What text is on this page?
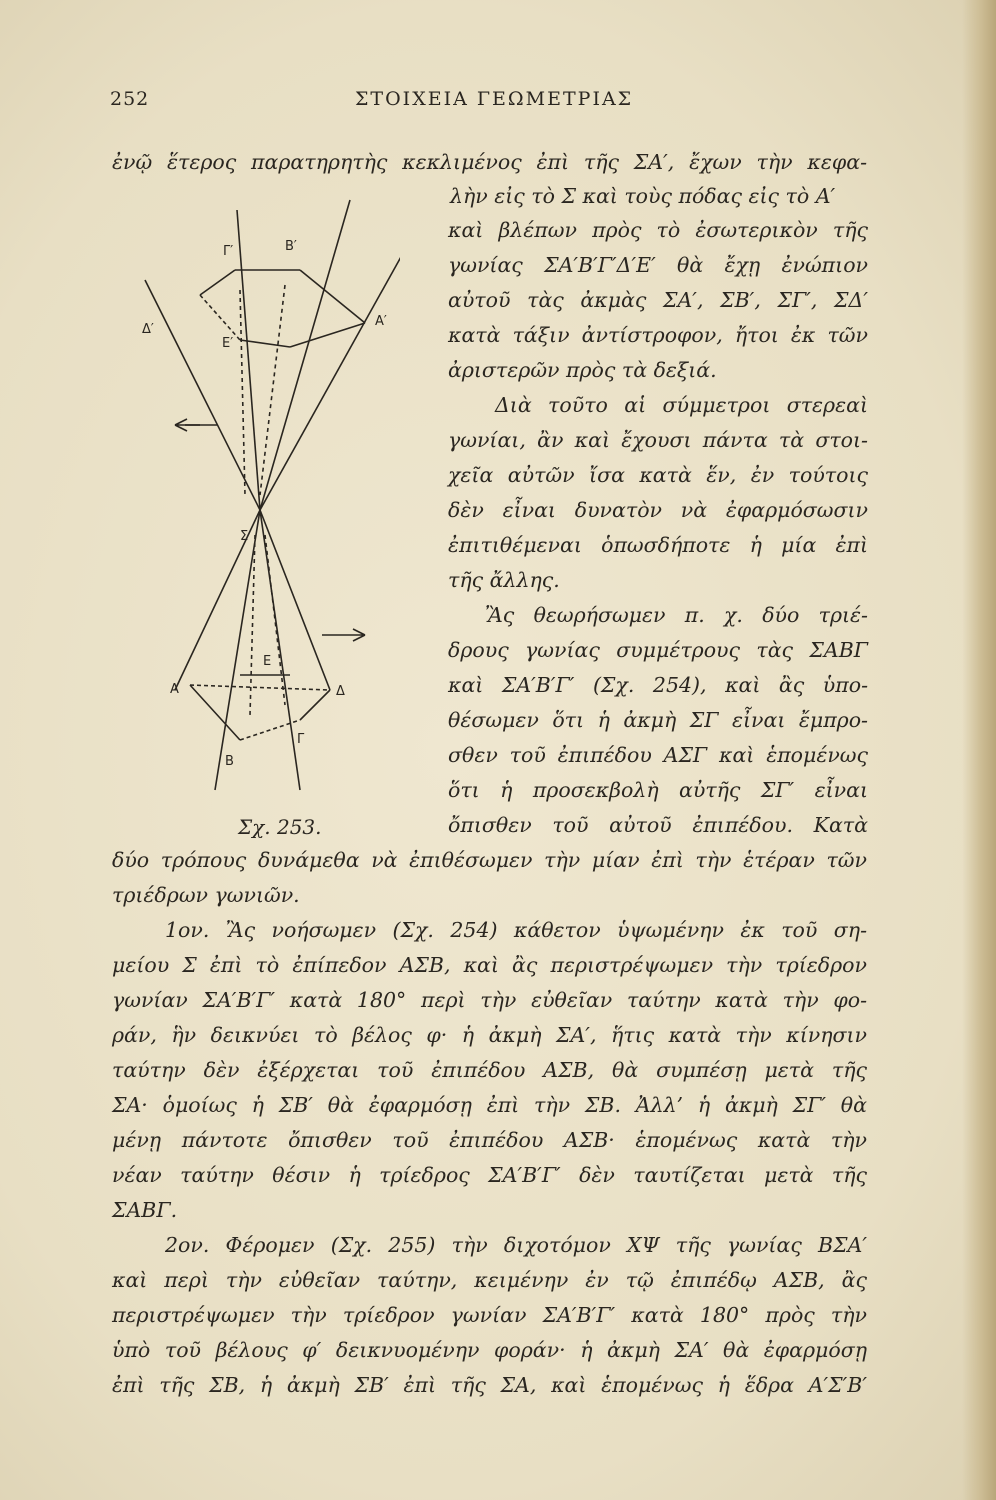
252	ΣΤΟΙΧΕΙΑ ΓΕΩΜΕΤΡΙΑΣ
Γ′	Β′
Δ′
Ε′
Α′
Σ
Ε
Α	Δ
Β
Γ
Σχ. 253.
ἐνῷ ἕτερος παρατηρητὴς κεκλιμένος ἐπὶ τῆς ΣΑ′, ἔχων τὴν κεφα-
λὴν εἰς τὸ Σ καὶ τοὺς πόδας εἰς τὸ Α′
καὶ βλέπων πρὸς τὸ ἐσωτερικὸν τῆς
γωνίας ΣΑ′Β′Γ′Δ′Ε′ θὰ ἔχῃ ἐνώπιον
αὐτοῦ τὰς ἀκμὰς ΣΑ′, ΣΒ′, ΣΓ′, ΣΔ′
κατὰ τάξιν ἀντίστροφον, ἤτοι ἐκ τῶν
ἀριστερῶν πρὸς τὰ δεξιά.
Διὰ τοῦτο αἱ σύμμετροι στερεαὶ
γωνίαι, ἂν καὶ ἔχουσι πάντα τὰ στοι-
χεῖα αὐτῶν ἴσα κατὰ ἕν, ἐν τούτοις
δὲν εἶναι δυνατὸν νὰ ἐφαρμόσωσιν
ἐπιτιθέμεναι ὁπωσδήποτε ἡ μία ἐπὶ
τῆς ἄλλης.
Ἂς θεωρήσωμεν π. χ. δύο τριέ-
δρους γωνίας συμμέτρους τὰς ΣΑΒΓ
καὶ ΣΑ′Β′Γ′ (Σχ. 254), καὶ ἂς ὑπο-
θέσωμεν ὅτι ἡ ἀκμὴ ΣΓ εἶναι ἔμπρο-
σθεν τοῦ ἐπιπέδου ΑΣΓ καὶ ἑπομένως
ὅτι ἡ προσεκβολὴ αὐτῆς ΣΓ′ εἶναι
ὄπισθεν τοῦ αὐτοῦ ἐπιπέδου. Κατὰ
δύο τρόπους δυνάμεθα νὰ ἐπιθέσωμεν τὴν μίαν ἐπὶ τὴν ἑτέραν τῶν
τριέδρων γωνιῶν.
1ον. Ἂς νοήσωμεν (Σχ. 254) κάθετον ὑψωμένην ἐκ τοῦ ση-
μείου Σ ἐπὶ τὸ ἐπίπεδον ΑΣΒ, καὶ ἂς περιστρέψωμεν τὴν τρίεδρον
γωνίαν ΣΑ′Β′Γ′ κατὰ 180° περὶ τὴν εὐθεῖαν ταύτην κατὰ τὴν φο-
ράν, ἣν δεικνύει τὸ βέλος φ· ἡ ἀκμὴ ΣΑ′, ἥτις κατὰ τὴν κίνησιν
ταύτην δὲν ἐξέρχεται τοῦ ἐπιπέδου ΑΣΒ, θὰ συμπέσῃ μετὰ τῆς
ΣΑ· ὁμοίως ἡ ΣΒ′ θὰ ἐφαρμόσῃ ἐπὶ τὴν ΣΒ. Ἀλλ’ ἡ ἀκμὴ ΣΓ′ θὰ
μένῃ πάντοτε ὄπισθεν τοῦ ἐπιπέδου ΑΣΒ· ἑπομένως κατὰ τὴν
νέαν ταύτην θέσιν ἡ τρίεδρος ΣΑ′Β′Γ′ δὲν ταυτίζεται μετὰ τῆς
ΣΑΒΓ.
2ον. Φέρομεν (Σχ. 255) τὴν διχοτόμον ΧΨ τῆς γωνίας ΒΣΑ′
καὶ περὶ τὴν εὐθεῖαν ταύτην, κειμένην ἐν τῷ ἐπιπέδῳ ΑΣΒ, ἂς
περιστρέψωμεν τὴν τρίεδρον γωνίαν ΣΑ′Β′Γ′ κατὰ 180° πρὸς τὴν
ὑπὸ τοῦ βέλους φ′ δεικνυομένην φοράν· ἡ ἀκμὴ ΣΑ′ θὰ ἐφαρμόσῃ
ἐπὶ τῆς ΣΒ, ἡ ἀκμὴ ΣΒ′ ἐπὶ τῆς ΣΑ, καὶ ἑπομένως ἡ ἕδρα Α′Σ′Β′
